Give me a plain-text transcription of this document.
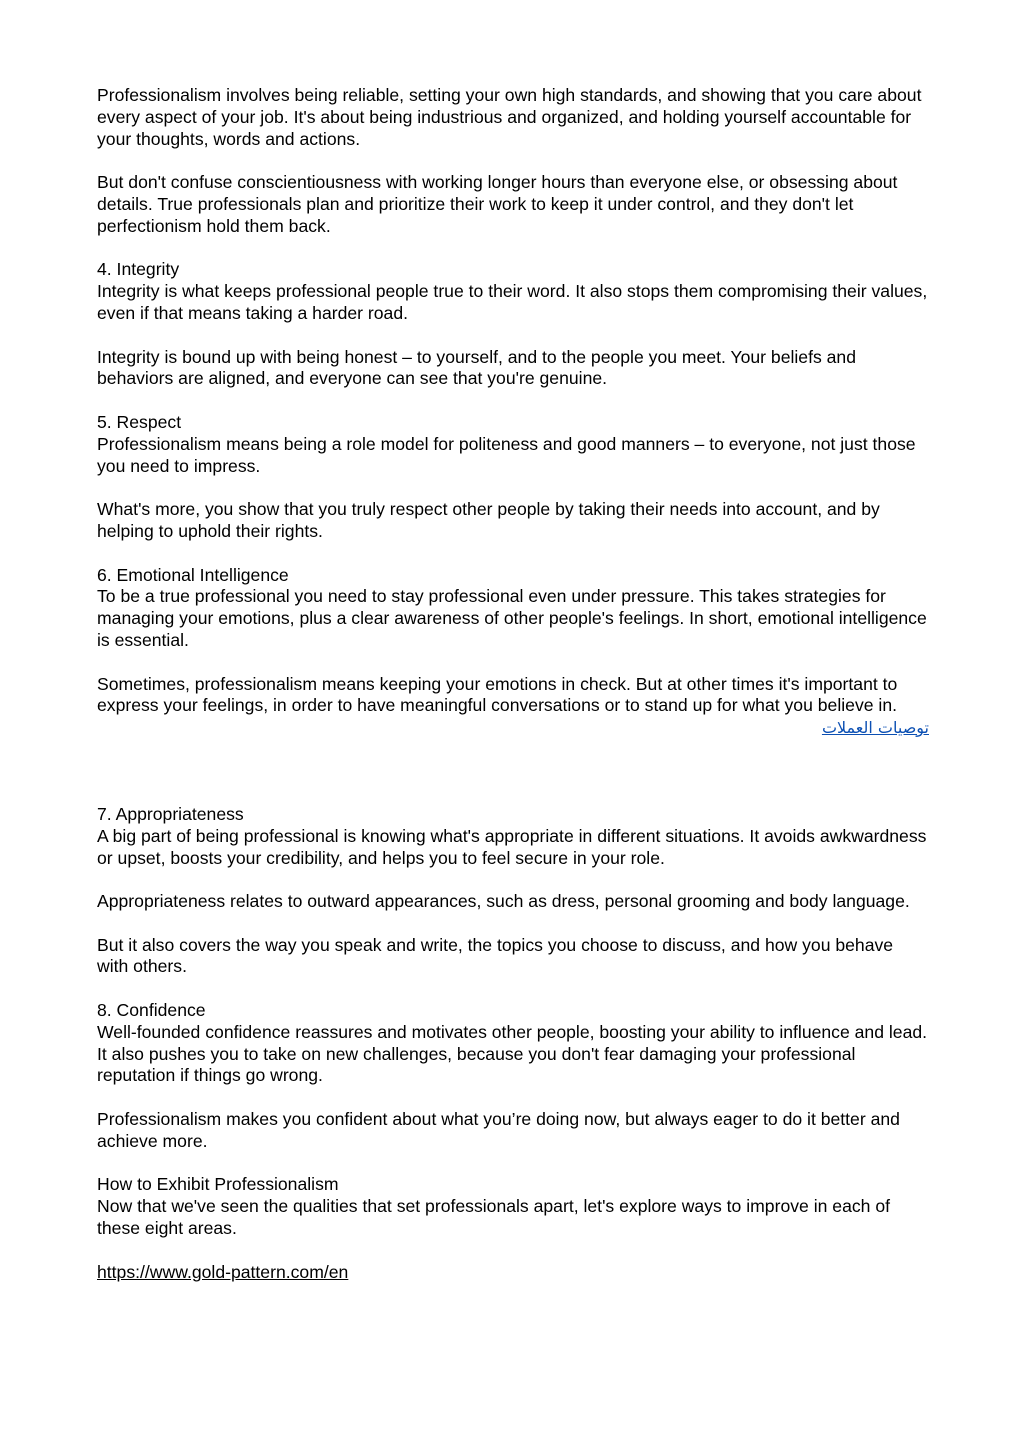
Professionalism involves being reliable, setting your own high standards, and showing that you care about every aspect of your job. It's about being industrious and organized, and holding yourself accountable for your thoughts, words and actions.

But don't confuse conscientiousness with working longer hours than everyone else, or obsessing about details. True professionals plan and prioritize their work to keep it under control, and they don't let perfectionism hold them back.

4. Integrity

Integrity is what keeps professional people true to their word. It also stops them compromising their values, even if that means taking a harder road.

Integrity is bound up with being honest – to yourself, and to the people you meet. Your beliefs and behaviors are aligned, and everyone can see that you're genuine.

5. Respect

Professionalism means being a role model for politeness and good manners – to everyone, not just those you need to impress.

What's more, you show that you truly respect other people by taking their needs into account, and by helping to uphold their rights.

6. Emotional Intelligence

To be a true professional you need to stay professional even under pressure. This takes strategies for managing your emotions, plus a clear awareness of other people's feelings. In short, emotional intelligence is essential.

Sometimes, professionalism means keeping your emotions in check. But at other times it's important to express your feelings, in order to have meaningful conversations or to stand up for what you believe in.

توصيات العملات

7. Appropriateness

A big part of being professional is knowing what's appropriate in different situations. It avoids awkwardness or upset, boosts your credibility, and helps you to feel secure in your role.

Appropriateness relates to outward appearances, such as dress, personal grooming and body language.

But it also covers the way you speak and write, the topics you choose to discuss, and how you behave with others.

8. Confidence

Well-founded confidence reassures and motivates other people, boosting your ability to influence and lead. It also pushes you to take on new challenges, because you don't fear damaging your professional reputation if things go wrong.

Professionalism makes you confident about what you’re doing now, but always eager to do it better and achieve more.

How to Exhibit Professionalism

Now that we've seen the qualities that set professionals apart, let's explore ways to improve in each of these eight areas.

https://www.gold-pattern.com/en
